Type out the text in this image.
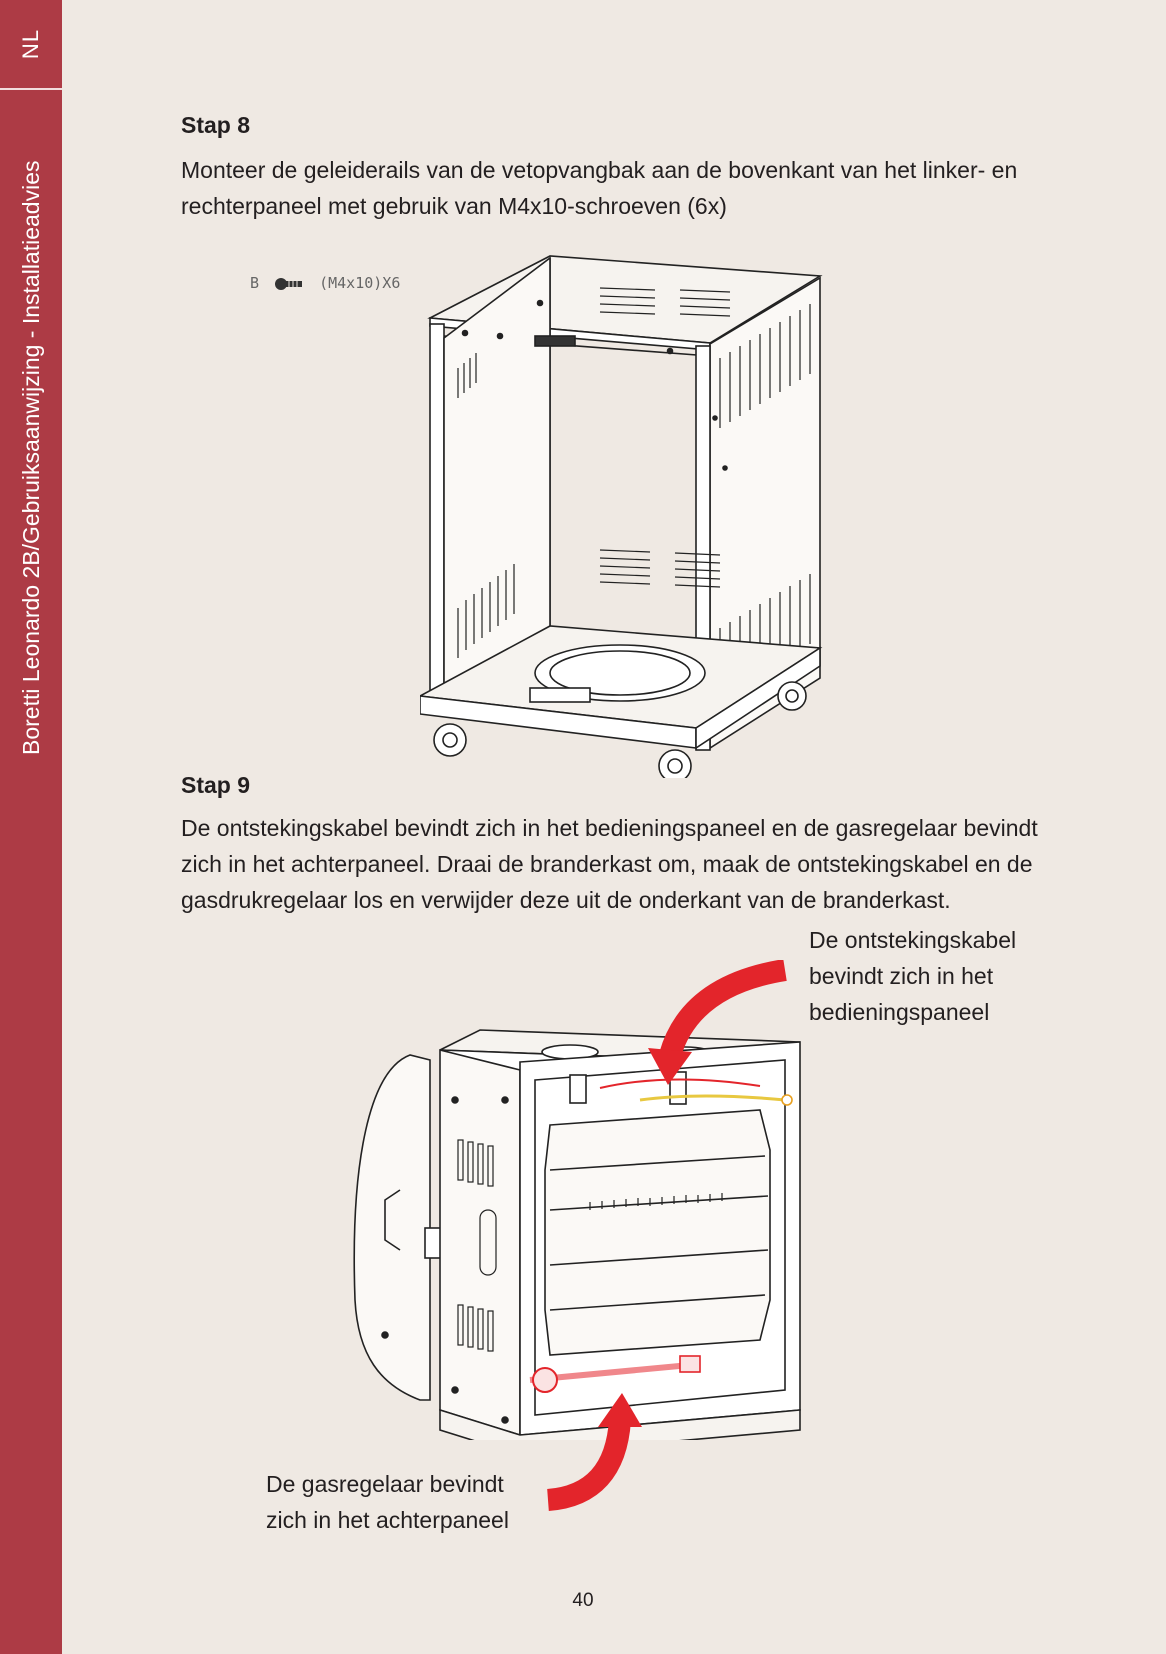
NL
Boretti Leonardo 2B/Gebruiksaanwijzing - Installatieadvies
Stap 8

Monteer de geleiderails van de vetopvangbak aan de bovenkant van het linker- en rechterpaneel met gebruik van M4x10-schroeven (6x)

B	(M4x10)X6
Stap 9

De ontstekingskabel bevindt zich in het bedieningspaneel en de gasregelaar bevindt zich in het achterpaneel. Draai de branderkast om, maak de ontstekingskabel en de gasdrukregelaar los en verwijder deze uit de onderkant van de branderkast.

De ontstekingskabel
bevindt zich in het
bedieningspaneel
De gasregelaar bevindt
zich in het achterpaneel
40
